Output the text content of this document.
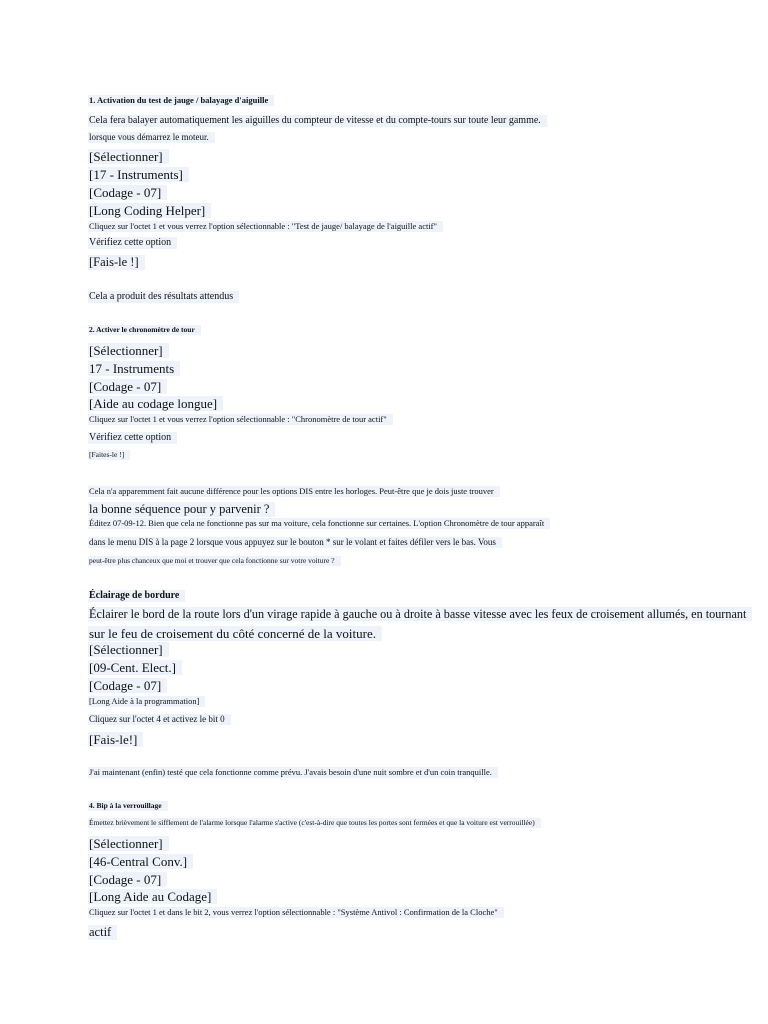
1. Activation du test de jauge / balayage d'aiguille
Cela fera balayer automatiquement les aiguilles du compteur de vitesse et du compte-tours sur toute leur gamme.
lorsque vous démarrez le moteur.
[Sélectionner]
[17 - Instruments]
[Codage - 07]
[Long Coding Helper]
Cliquez sur l'octet 1 et vous verrez l'option sélectionnable : "Test de jauge/ balayage de l'aiguille actif"
Vérifiez cette option
[Fais-le !]
Cela a produit des résultats attendus
2. Activer le chronomètre de tour
[Sélectionner]
17 - Instruments
[Codage - 07]
[Aide au codage longue]
Cliquez sur l'octet 1 et vous verrez l'option sélectionnable : "Chronomètre de tour actif"
Vérifiez cette option
[Faites-le !]
Cela n'a apparemment fait aucune différence pour les options DIS entre les horloges. Peut-être que je dois juste trouver
la bonne séquence pour y parvenir ?
Éditez 07-09-12. Bien que cela ne fonctionne pas sur ma voiture, cela fonctionne sur certaines. L'option Chronomètre de tour apparaît
dans le menu DIS à la page 2 lorsque vous appuyez sur le bouton * sur le volant et faites défiler vers le bas. Vous
peut-être plus chanceux que moi et trouver que cela fonctionne sur votre voiture ?
Éclairage de bordure
Éclairer le bord de la route lors d'un virage rapide à gauche ou à droite à basse vitesse avec les feux de croisement allumés, en tournant
sur le feu de croisement du côté concerné de la voiture.
[Sélectionner]
[09-Cent. Elect.]
[Codage - 07]
[Long Aide à la programmation]
Cliquez sur l'octet 4 et activez le bit 0
[Fais-le!]
J'ai maintenant (enfin) testé que cela fonctionne comme prévu. J'avais besoin d'une nuit sombre et d'un coin tranquille.
4. Bip à la verrouillage
Émettez brièvement le sifflement de l'alarme lorsque l'alarme s'active (c'est-à-dire que toutes les portes sont fermées et que la voiture est verrouillée)
[Sélectionner]
[46-Central Conv.]
[Codage - 07]
[Long Aide au Codage]
Cliquez sur l'octet 1 et dans le bit 2, vous verrez l'option sélectionnable : "Système Antivol : Confirmation de la Cloche"
actif
